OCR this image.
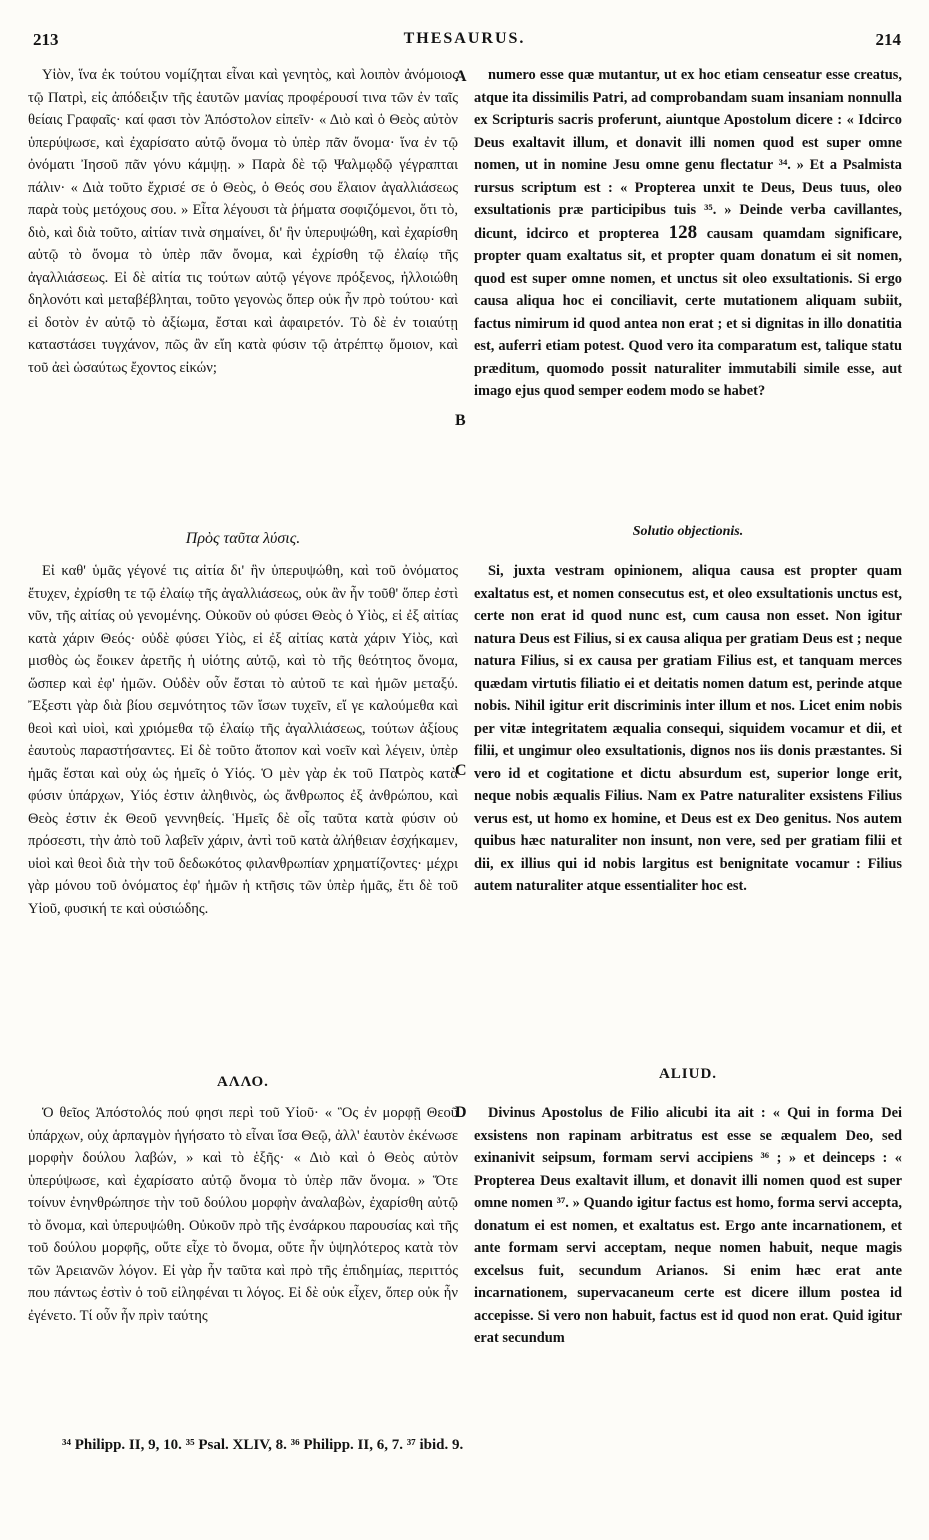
213	THESAURUS.	214
A
B
C
D

Υἱὸν, ἵνα ἐκ τούτου νομίζηται εἶναι καὶ γενητὸς, καὶ λοιπὸν ἀνόμοιος τῷ Πατρὶ, εἰς ἀπόδειξιν τῆς ἑαυτῶν μανίας προφέρουσί τινα τῶν ἐν ταῖς θείαις Γραφαῖς· καί φασι τὸν Ἀπόστολον εἰπεῖν· « Διὸ καὶ ὁ Θεὸς αὐτὸν ὑπερύψωσε, καὶ ἐχαρίσατο αὐτῷ ὄνομα τὸ ὑπὲρ πᾶν ὄνομα· ἵνα ἐν τῷ ὀνόματι Ἰησοῦ πᾶν γόνυ κάμψῃ. » Παρὰ δὲ τῷ Ψαλμῳδῷ γέγραπται πάλιν· « Διὰ τοῦτο ἔχρισέ σε ὁ Θεὸς, ὁ Θεός σου ἔλαιον ἀγαλλιάσεως παρὰ τοὺς μετόχους σου. » Εἶτα λέγουσι τὰ ῥήματα σοφιζόμενοι, ὅτι τὸ, διὸ, καὶ διὰ τοῦτο, αἰτίαν τινὰ σημαίνει, δι' ἣν ὑπερυψώθη, καὶ ἐχαρίσθη αὐτῷ τὸ ὄνομα τὸ ὑπὲρ πᾶν ὄνομα, καὶ ἐχρίσθη τῷ ἐλαίῳ τῆς ἀγαλλιάσεως. Εἰ δὲ αἰτία τις τούτων αὐτῷ γέγονε πρόξενος, ἠλλοιώθη δηλονότι καὶ μεταβέβληται, τοῦτο γεγονὼς ὅπερ οὐκ ἦν πρὸ τούτου· καὶ εἰ δοτὸν ἐν αὐτῷ τὸ ἀξίωμα, ἔσται καὶ ἀφαιρετόν. Τὸ δὲ ἐν τοιαύτῃ καταστάσει τυγχάνον, πῶς ἂν εἴη κατὰ φύσιν τῷ ἀτρέπτῳ ὅμοιον, καὶ τοῦ ἀεὶ ὡσαύτως ἔχοντος εἰκών;

Πρὸς ταῦτα λύσις.

Εἰ καθ' ὑμᾶς γέγονέ τις αἰτία δι' ἣν ὑπερυψώθη, καὶ τοῦ ὀνόματος ἔτυχεν, ἐχρίσθη τε τῷ ἐλαίῳ τῆς ἀγαλλιάσεως, οὐκ ἂν ἦν τοῦθ' ὅπερ ἐστὶ νῦν, τῆς αἰτίας οὐ γενομένης. Οὐκοῦν οὐ φύσει Θεὸς ὁ Υἱὸς, εἰ ἐξ αἰτίας κατὰ χάριν Θεός· οὐδὲ φύσει Υἱὸς, εἰ ἐξ αἰτίας κατὰ χάριν Υἱὸς, καὶ μισθὸς ὡς ἔοικεν ἀρετῆς ἡ υἱότης αὐτῷ, καὶ τὸ τῆς θεότητος ὄνομα, ὥσπερ καὶ ἐφ' ἡμῶν. Οὐδὲν οὖν ἔσται τὸ αὐτοῦ τε καὶ ἡμῶν μεταξύ. Ἔξεστι γὰρ διὰ βίου σεμνότητος τῶν ἴσων τυχεῖν, εἴ γε καλούμεθα καὶ θεοὶ καὶ υἱοὶ, καὶ χριόμεθα τῷ ἐλαίῳ τῆς ἀγαλλιάσεως, τούτων ἀξίους ἑαυτοὺς παραστήσαντες. Εἰ δὲ τοῦτο ἄτοπον καὶ νοεῖν καὶ λέγειν, ὑπὲρ ἡμᾶς ἔσται καὶ οὐχ ὡς ἡμεῖς ὁ Υἱός. Ὁ μὲν γὰρ ἐκ τοῦ Πατρὸς κατὰ φύσιν ὑπάρχων, Υἱός ἐστιν ἀληθινὸς, ὡς ἄνθρωπος ἐξ ἀνθρώπου, καὶ Θεὸς ἐστιν ἐκ Θεοῦ γεννηθείς. Ἡμεῖς δὲ οἷς ταῦτα κατὰ φύσιν οὐ πρόσεστι, τὴν ἀπὸ τοῦ λαβεῖν χάριν, ἀντὶ τοῦ κατὰ ἀλήθειαν ἐσχήκαμεν, υἱοὶ καὶ θεοὶ διὰ τὴν τοῦ δεδωκότος φιλανθρωπίαν χρηματίζοντες· μέχρι γὰρ μόνου τοῦ ὀνόματος ἐφ' ἡμῶν ἡ κτῆσις τῶν ὑπὲρ ἡμᾶς, ἔτι δὲ τοῦ Υἱοῦ, φυσική τε καὶ οὐσιώδης.

ΑΛΛΟ.

Ὁ θεῖος Ἀπόστολός πού φησι περὶ τοῦ Υἱοῦ· « Ὃς ἐν μορφῇ Θεοῦ ὑπάρχων, οὐχ ἁρπαγμὸν ἡγήσατο τὸ εἶναι ἴσα Θεῷ, ἀλλ' ἑαυτὸν ἐκένωσε μορφὴν δούλου λαβών, » καὶ τὸ ἑξῆς· « Διὸ καὶ ὁ Θεὸς αὐτὸν ὑπερύψωσε, καὶ ἐχαρίσατο αὐτῷ ὄνομα τὸ ὑπὲρ πᾶν ὄνομα. » Ὅτε τοίνυν ἐνηνθρώπησε τὴν τοῦ δούλου μορφὴν ἀναλαβὼν, ἐχαρίσθη αὐτῷ τὸ ὄνομα, καὶ ὑπερυψώθη. Οὐκοῦν πρὸ τῆς ἐνσάρκου παρουσίας καὶ τῆς τοῦ δούλου μορφῆς, οὔτε εἶχε τὸ ὄνομα, οὔτε ἦν ὑψηλότερος κατὰ τὸν τῶν Ἀρειανῶν λόγον. Εἰ γὰρ ἦν ταῦτα καὶ πρὸ τῆς ἐπιδημίας, περιττός που πάντως ἐστὶν ὁ τοῦ εἰληφέναι τι λόγος. Εἰ δὲ οὐκ εἶχεν, ὅπερ οὐκ ἦν ἐγένετο. Τί οὖν ἦν πρὶν ταύτης

numero esse quæ mutantur, ut ex hoc etiam censeatur esse creatus, atque ita dissimilis Patri, ad comprobandam suam insaniam nonnulla ex Scripturis sacris proferunt, aiuntque Apostolum dicere : « Idcirco Deus exaltavit illum, et donavit illi nomen quod est super omne nomen, ut in nomine Jesu omne genu flectatur ³⁴. » Et a Psalmista rursus scriptum est : « Propterea unxit te Deus, Deus tuus, oleo exsultationis præ participibus tuis ³⁵. » Deinde verba cavillantes, dicunt, idcirco et propterea 128 causam quamdam significare, propter quam exaltatus sit, et propter quam donatum ei sit nomen, quod est super omne nomen, et unctus sit oleo exsultationis. Si ergo causa aliqua hoc ei conciliavit, certe mutationem aliquam subiit, factus nimirum id quod antea non erat ; et si dignitas in illo donatitia est, auferri etiam potest. Quod vero ita comparatum est, talique statu præditum, quomodo possit naturaliter immutabili simile esse, aut imago ejus quod semper eodem modo se habet?

Solutio objectionis.

Si, juxta vestram opinionem, aliqua causa est propter quam exaltatus est, et nomen consecutus est, et oleo exsultationis unctus est, certe non erat id quod nunc est, cum causa non esset. Non igitur natura Deus est Filius, si ex causa aliqua per gratiam Deus est ; neque natura Filius, si ex causa per gratiam Filius est, et tanquam merces quædam virtutis filiatio ei et deitatis nomen datum est, perinde atque nobis. Nihil igitur erit discriminis inter illum et nos. Licet enim nobis per vitæ integritatem æqualia consequi, siquidem vocamur et dii, et filii, et ungimur oleo exsultationis, dignos nos iis donis præstantes. Si vero id et cogitatione et dictu absurdum est, superior longe erit, neque nobis æqualis Filius. Nam ex Patre naturaliter exsistens Filius verus est, ut homo ex homine, et Deus est ex Deo genitus. Nos autem quibus hæc naturaliter non insunt, non vere, sed per gratiam filii et dii, ex illius qui id nobis largitus est benignitate vocamur : Filius autem naturaliter atque essentialiter hoc est.

ALIUD.

Divinus Apostolus de Filio alicubi ita ait : « Qui in forma Dei exsistens non rapinam arbitratus est esse se æqualem Deo, sed exinanivit seipsum, formam servi accipiens ³⁶ ; » et deinceps : « Propterea Deus exaltavit illum, et donavit illi nomen quod est super omne nomen ³⁷. » Quando igitur factus est homo, forma servi accepta, donatum ei est nomen, et exaltatus est. Ergo ante incarnationem, et ante formam servi acceptam, neque nomen habuit, neque magis excelsus fuit, secundum Arianos. Si enim hæc erat ante incarnationem, supervacaneum certe est dicere illum postea id accepisse. Si vero non habuit, factus est id quod non erat. Quid igitur erat secundum

³⁴ Philipp. II, 9, 10. ³⁵ Psal. XLIV, 8. ³⁶ Philipp. II, 6, 7. ³⁷ ibid. 9.
